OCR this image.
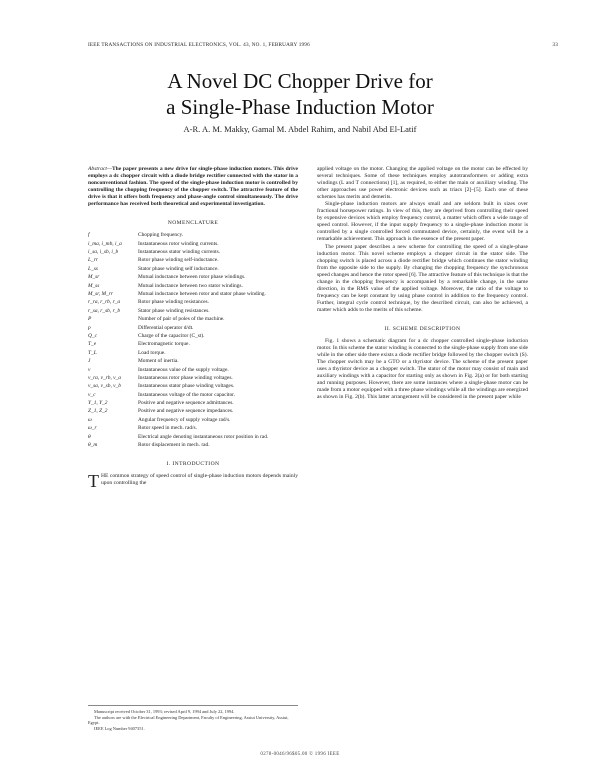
IEEE TRANSACTIONS ON INDUSTRIAL ELECTRONICS, VOL. 43, NO. 1, FEBRUARY 1996	33
A Novel DC Chopper Drive for
a Single-Phase Induction Motor
A-R. A. M. Makky, Gamal M. Abdel Rahim, and Nabil Abd El-Latif

Abstract—The paper presents a new drive for single-phase induction motors. This drive employs a dc chopper circuit with a diode bridge rectifier connected with the stator in a nonconventional fashion. The speed of the single-phase induction motor is controlled by controlling the chopping frequency of the chopper switch. The attractive feature of the drive is that it offers both frequency and phase-angle control simultaneously. The drive performance has received both theoretical and experimental investigation.

NOMENCLATURE
f	Chopping frequency.
i_ma, i_mb, i_a	Instantaneous rotor winding currents.
i_sa, i_sb, i_b	Instantaneous stator winding currents.
L_rr	Rotor phase winding self-inductance.
L_ss	Stator phase winding self inductance.
M_sr	Mutual inductance between rotor phase windings.
M_ss	Mutual inductance between two stator windings.
M_sr, M_rr	Mutual inductance between rotor and stator phase winding.
r_ra, r_rb, r_a	Rotor phase winding resistances.
r_sa, r_sb, r_b	Stator phase winding resistances.
P	Number of pair of poles of the machine.
p	Differential operator d/dt.
Q_c	Charge of the capacitor (C_st).
T_e	Electromagnetic torque.
T_L	Load torque.
J	Moment of inertia.
v	Instantaneous value of the supply voltage.
v_ra, v_rb, v_a	Instantaneous rotor phase winding voltages.
v_sa, v_sb, v_b	Instantaneous stator phase winding voltages.
v_c	Instantaneous voltage of the motor capacitor.
Y_1, Y_2	Positive and negative sequence admittances.
Z_1, Z_2	Positive and negative sequence impedances.
ω	Angular frequency of supply voltage rad/s.
ω_r	Rotor speed in mech. rad/s.
θ	Electrical angle denoting instantaneous rotor position in rad.
θ_m	Rotor displacement in mech. rad.
I. INTRODUCTION

THE common strategy of speed control of single-phase induction motors depends mainly upon controlling the

Manuscript received October 31, 1993; revised April 9, 1994 and July 22, 1994.

The authors are with the Electrical Engineering Department, Faculty of Engineering, Assiut University, Assiut, Egypt.

IEEE Log Number 9407351.

applied voltage on the motor. Changing the applied voltage on the motor can be effected by several techniques. Some of these techniques employ autotransformers or adding extra windings (L and T connections) [1], as required, to either the main or auxiliary winding. The other approaches use power electronic devices such as triacs [2]–[5]. Each one of these schemes has merits and demerits.

Single-phase induction motors are always small and are seldom built in sizes over fractional horsepower ratings. In view of this, they are deprived from controlling their speed by expensive devices which employ frequency control, a matter which offers a wide range of speed control. However, if the input supply frequency to a single-phase induction motor is controlled by a single controlled forced commutated device, certainly, the event will be a remarkable achievement. This approach is the essence of the present paper.

The present paper describes a new scheme for controlling the speed of a single-phase induction motor. This novel scheme employs a chopper circuit in the stator side. The chopping switch is placed across a diode rectifier bridge which continues the stator winding from the opposite side to the supply. By changing the chopping frequency the synchronous speed changes and hence the rotor speed [6]. The attractive feature of this technique is that the change in the chopping frequency is accompanied by a remarkable change, in the same direction, in the RMS value of the applied voltage. Moreover, the ratio of the voltage to frequency can be kept constant by using phase control in addition to the frequency control. Further, integral cycle control technique, by the described circuit, can also be achieved, a matter which adds to the merits of this scheme.

II. SCHEME DESCRIPTION

Fig. 1 shows a schematic diagram for a dc chopper controlled single-phase induction motor. In this scheme the stator winding is connected to the single-phase supply from one side while in the other side there exists a diode rectifier bridge followed by the chopper switch (S). The chopper switch may be a GTO or a thyristor device. The scheme of the present paper uses a thyristor device as a chopper switch. The stator of the motor may consist of main and auxiliary windings with a capacitor for starting only as shown in Fig. 2(a) or for both starting and running purposes. However, there are some instances where a single-phase motor can be made from a motor equipped with a three phase windings while all the windings are energized as shown in Fig. 2(b). This latter arrangement will be considered in the present paper while

0278-0046/96$05.00 © 1996 IEEE
